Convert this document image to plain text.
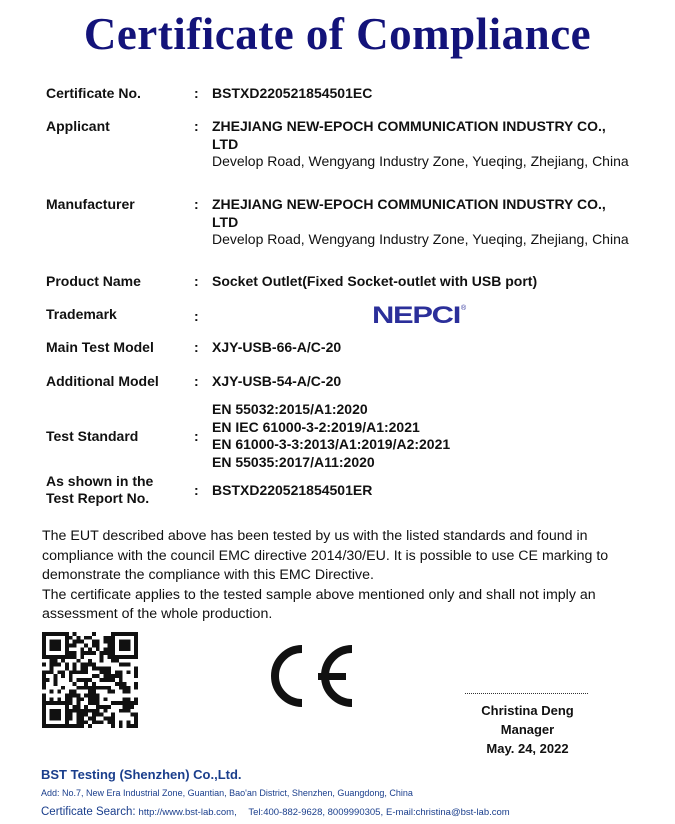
Certificate of Compliance
Certificate No.	: BSTXD220521854501EC
Applicant	: ZHEJIANG NEW-EPOCH COMMUNICATION INDUSTRY CO., LTD
Develop Road, Wengyang Industry Zone, Yueqing, Zhejiang, China
Manufacturer	: ZHEJIANG NEW-EPOCH COMMUNICATION INDUSTRY CO., LTD
Develop Road, Wengyang Industry Zone, Yueqing, Zhejiang, China
Product Name	: Socket Outlet(Fixed Socket-outlet with USB port)
Trademark	:	NEPCI ®
Main Test Model	: XJY-USB-66-A/C-20
Additional Model	: XJY-USB-54-A/C-20
Test Standard	:
EN 55032:2015/A1:2020
EN IEC 61000-3-2:2019/A1:2021
EN 61000-3-3:2013/A1:2019/A2:2021
EN 55035:2017/A11:2020
As shown in the
Test Report No.	: BSTXD220521854501ER

The EUT described above has been tested by us with the listed standards and found in compliance with the council EMC directive 2014/30/EU. It is possible to use CE marking to demonstrate the compliance with this EMC Directive.

The certificate applies to the tested sample above mentioned only and shall not imply an assessment of the whole production.

Christina Deng
Manager
May. 24, 2022
BST Testing (Shenzhen) Co.,Ltd.
Add: No.7, New Era Industrial Zone, Guantian, Bao'an District, Shenzhen, Guangdong, China
Certificate Search: http://www.bst-lab.com, Tel:400-882-9628, 8009990305, E-mail:christina@bst-lab.com
